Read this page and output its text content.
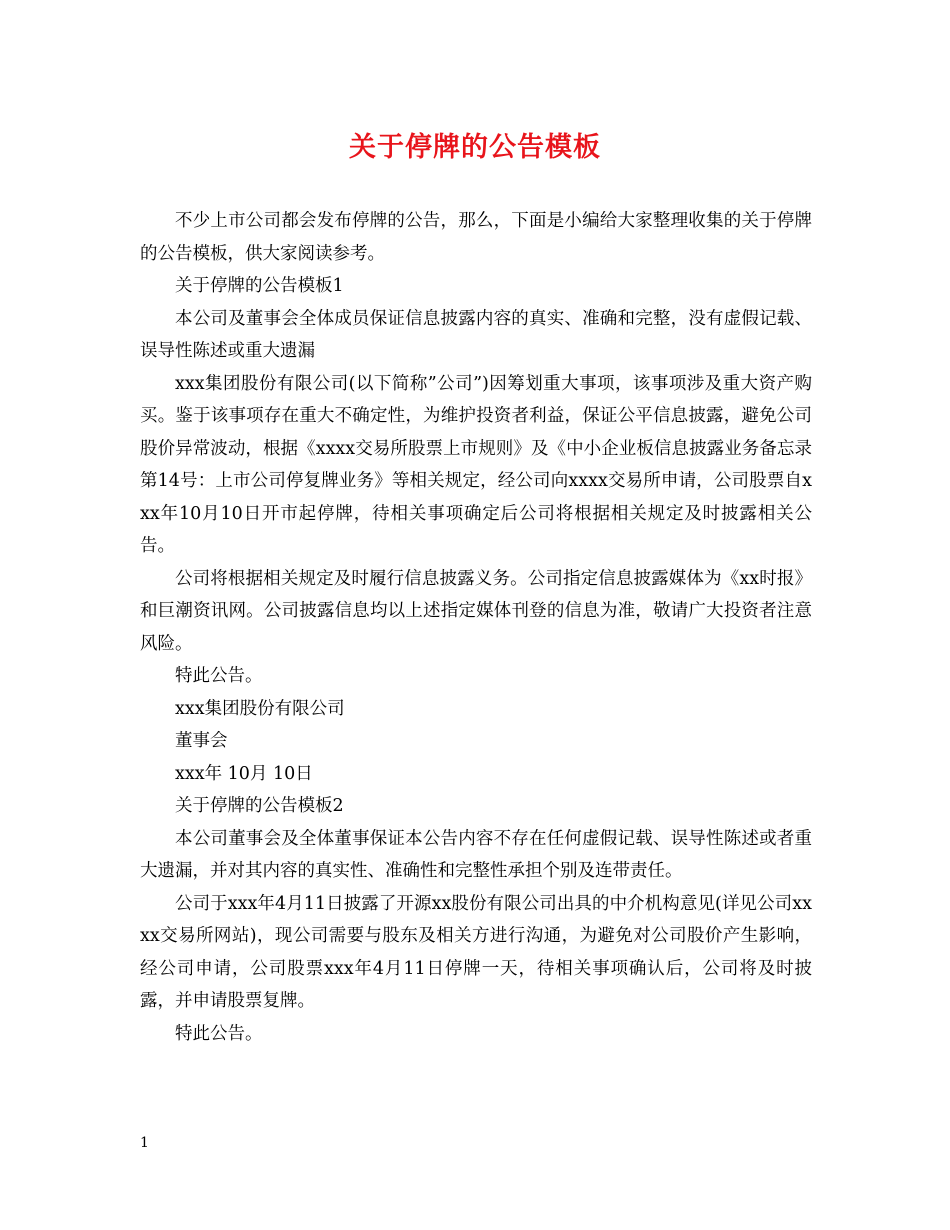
关于停牌的公告模板

不少上市公司都会发布停牌的公告，那么，下面是小编给大家整理收集的关于停牌的公告模板，供大家阅读参考。

关于停牌的公告模板1

本公司及董事会全体成员保证信息披露内容的真实、准确和完整，没有虚假记载、误导性陈述或重大遗漏

xxx集团股份有限公司(以下简称”公司”)因筹划重大事项，该事项涉及重大资产购买。鉴于该事项存在重大不确定性，为维护投资者利益，保证公平信息披露，避免公司股价异常波动，根据《xxxx交易所股票上市规则》及《中小企业板信息披露业务备忘录第14号：上市公司停复牌业务》等相关规定，经公司向xxxx交易所申请，公司股票自xxx年10月10日开市起停牌，待相关事项确定后公司将根据相关规定及时披露相关公告。

公司将根据相关规定及时履行信息披露义务。公司指定信息披露媒体为《xx时报》和巨潮资讯网。公司披露信息均以上述指定媒体刊登的信息为准，敬请广大投资者注意风险。

特此公告。

xxx集团股份有限公司

董事会

xxx年 10月 10日

关于停牌的公告模板2

本公司董事会及全体董事保证本公告内容不存在任何虚假记载、误导性陈述或者重大遗漏，并对其内容的真实性、准确性和完整性承担个别及连带责任。

公司于xxx年4月11日披露了开源xx股份有限公司出具的中介机构意见(详见公司xxxx交易所网站)，现公司需要与股东及相关方进行沟通，为避免对公司股价产生影响，经公司申请，公司股票xxx年4月11日停牌一天，待相关事项确认后，公司将及时披露，并申请股票复牌。

特此公告。

1
